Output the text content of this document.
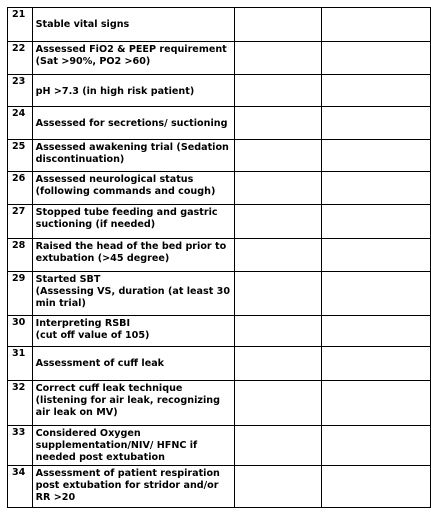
21	Stable vital signs		

22	Assessed FiO2 & PEEP requirement
(Sat >90%, PO2 >60)		

23	pH >7.3 (in high risk patient)		

24	Assessed for secretions/ suctioning		

25	Assessed awakening trial (Sedation
discontinuation)		

26	Assessed neurological status
(following commands and cough)		

27	Stopped tube feeding and gastric
suctioning (if needed)		

28	Raised the head of the bed prior to
extubation (>45 degree)		

29	Started SBT
(Assessing VS, duration (at least 30
min trial)		

30	Interpreting RSBI
(cut off value of 105)		

31	Assessment of cuff leak		

32	Correct cuff leak technique
(listening for air leak, recognizing
air leak on MV)		

33	Considered Oxygen
supplementation/NIV/ HFNC if
needed post extubation		

34	Assessment of patient respiration
post extubation for stridor and/or
RR >20		
